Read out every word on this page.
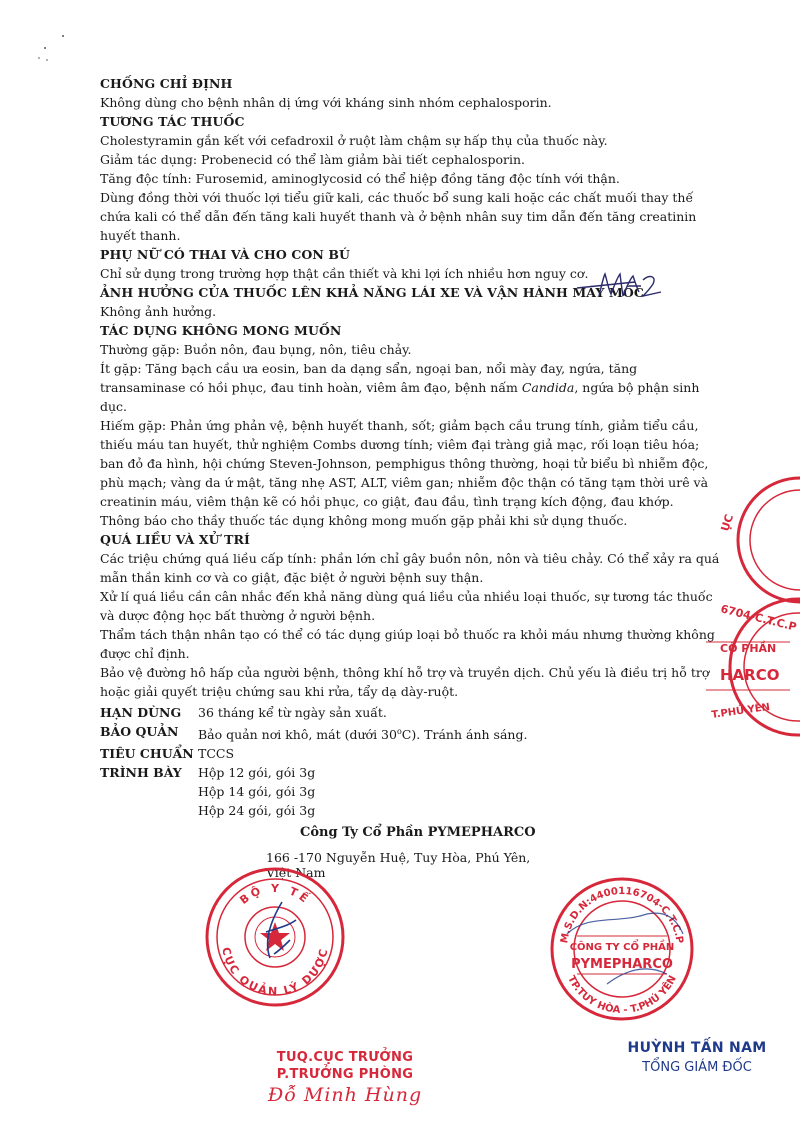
CHỐNG CHỈ ĐỊNH

Không dùng cho bệnh nhân dị ứng với kháng sinh nhóm cephalosporin.

TƯƠNG TÁC THUỐC

Cholestyramin gắn kết với cefadroxil ở ruột làm chậm sự hấp thụ của thuốc này.

Giảm tác dụng: Probenecid có thể làm giảm bài tiết cephalosporin.

Tăng độc tính: Furosemid, aminoglycosid có thể hiệp đồng tăng độc tính với thận.

Dùng đồng thời với thuốc lợi tiểu giữ kali, các thuốc bổ sung kali hoặc các chất muối thay thế chứa kali có thể dẫn đến tăng kali huyết thanh và ở bệnh nhân suy tim dẫn đến tăng creatinin huyết thanh.

PHỤ NỮ CÓ THAI VÀ CHO CON BÚ

Chỉ sử dụng trong trường hợp thật cần thiết và khi lợi ích nhiều hơn nguy cơ.

ẢNH HƯỞNG CỦA THUỐC LÊN KHẢ NĂNG LÁI XE VÀ VẬN HÀNH MÁY MÓC

Không ảnh hưởng.

TÁC DỤNG KHÔNG MONG MUỐN

Thường gặp: Buồn nôn, đau bụng, nôn, tiêu chảy.

Ít gặp: Tăng bạch cầu ưa eosin, ban da dạng sẩn, ngoại ban, nổi mày đay, ngứa, tăng transaminase có hồi phục, đau tinh hoàn, viêm âm đạo, bệnh nấm Candida, ngứa bộ phận sinh dục.

Hiếm gặp: Phản ứng phản vệ, bệnh huyết thanh, sốt; giảm bạch cầu trung tính, giảm tiểu cầu, thiếu máu tan huyết, thử nghiệm Combs dương tính; viêm đại tràng giả mạc, rối loạn tiêu hóa; ban đỏ đa hình, hội chứng Steven-Johnson, pemphigus thông thường, hoại tử biểu bì nhiễm độc, phù mạch; vàng da ứ mật, tăng nhẹ AST, ALT, viêm gan; nhiễm độc thận có tăng tạm thời urê và creatinin máu, viêm thận kẽ có hồi phục, co giật, đau đầu, tình trạng kích động, đau khớp.

Thông báo cho thầy thuốc tác dụng không mong muốn gặp phải khi sử dụng thuốc.

QUÁ LIỀU VÀ XỬ TRÍ

Các triệu chứng quá liều cấp tính: phần lớn chỉ gây buồn nôn, nôn và tiêu chảy. Có thể xảy ra quá mẫn thần kinh cơ và co giật, đặc biệt ở người bệnh suy thận.

Xử lí quá liều cần cân nhắc đến khả năng dùng quá liều của nhiều loại thuốc, sự tương tác thuốc và dược động học bất thường ở người bệnh.

Thẩm tách thận nhân tạo có thể có tác dụng giúp loại bỏ thuốc ra khỏi máu nhưng thường không được chỉ định.

Bảo vệ đường hô hấp của người bệnh, thông khí hỗ trợ và truyền dịch. Chủ yếu là điều trị hỗ trợ hoặc giải quyết triệu chứng sau khi rửa, tẩy dạ dày-ruột.

HẠN DÙNG	36 tháng kể từ ngày sản xuất.
BẢO QUẢN	Bảo quản nơi khô, mát (dưới 30$^o$C). Tránh ánh sáng.
TIÊU CHUẨN TCCS
TRÌNH BÀY	Hộp 12 gói, gói 3g
Hộp 14 gói, gói 3g
Hộp 24 gói, gói 3g
ỤC
6704-C.T.C.P
CỔ PHẦN
HARCO
T.PHÚ YÊN
Công Ty Cổ Phần PYMEPHARCO
166 -170 Nguyễn Huệ, Tuy Hòa, Phú Yên, Việt Nam
BỘ Y TẾ
CỤC QUẢN LÝ DƯỢC
M.S.D.N:4400116704-C.T.C.P
TP.TUY HÒA - T.PHÚ YÊN
CÔNG TY CỔ PHẦN
PYMEPHARCO
TUQ.CỤC TRƯỞNG
P.TRƯỞNG PHÒNG
Đỗ Minh Hùng
HUỲNH TẤN NAM
TỔNG GIÁM ĐỐC
